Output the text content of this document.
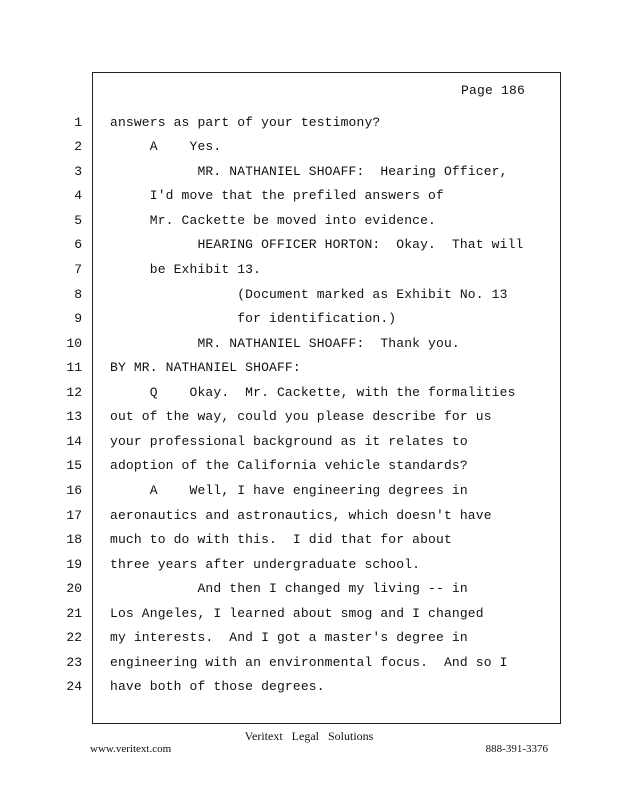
Page 186
1 answers as part of your testimony?
2 A    Yes.
3 MR. NATHANIEL SHOAFF:  Hearing Officer,
4 I'd move that the prefiled answers of
5 Mr. Cackette be moved into evidence.
6 HEARING OFFICER HORTON:  Okay.  That will
7 be Exhibit 13.
8 (Document marked as Exhibit No. 13
9 for identification.)
10 MR. NATHANIEL SHOAFF:  Thank you.
11 BY MR. NATHANIEL SHOAFF:
12 Q    Okay.  Mr. Cackette, with the formalities
13 out of the way, could you please describe for us
14 your professional background as it relates to
15 adoption of the California vehicle standards?
16 A    Well, I have engineering degrees in
17 aeronautics and astronautics, which doesn't have
18 much to do with this.  I did that for about
19 three years after undergraduate school.
20 And then I changed my living -- in
21 Los Angeles, I learned about smog and I changed
22 my interests.  And I got a master's degree in
23 engineering with an environmental focus.  And so I
24 have both of those degrees.
Veritext Legal Solutions
www.veritext.com	888-391-3376
